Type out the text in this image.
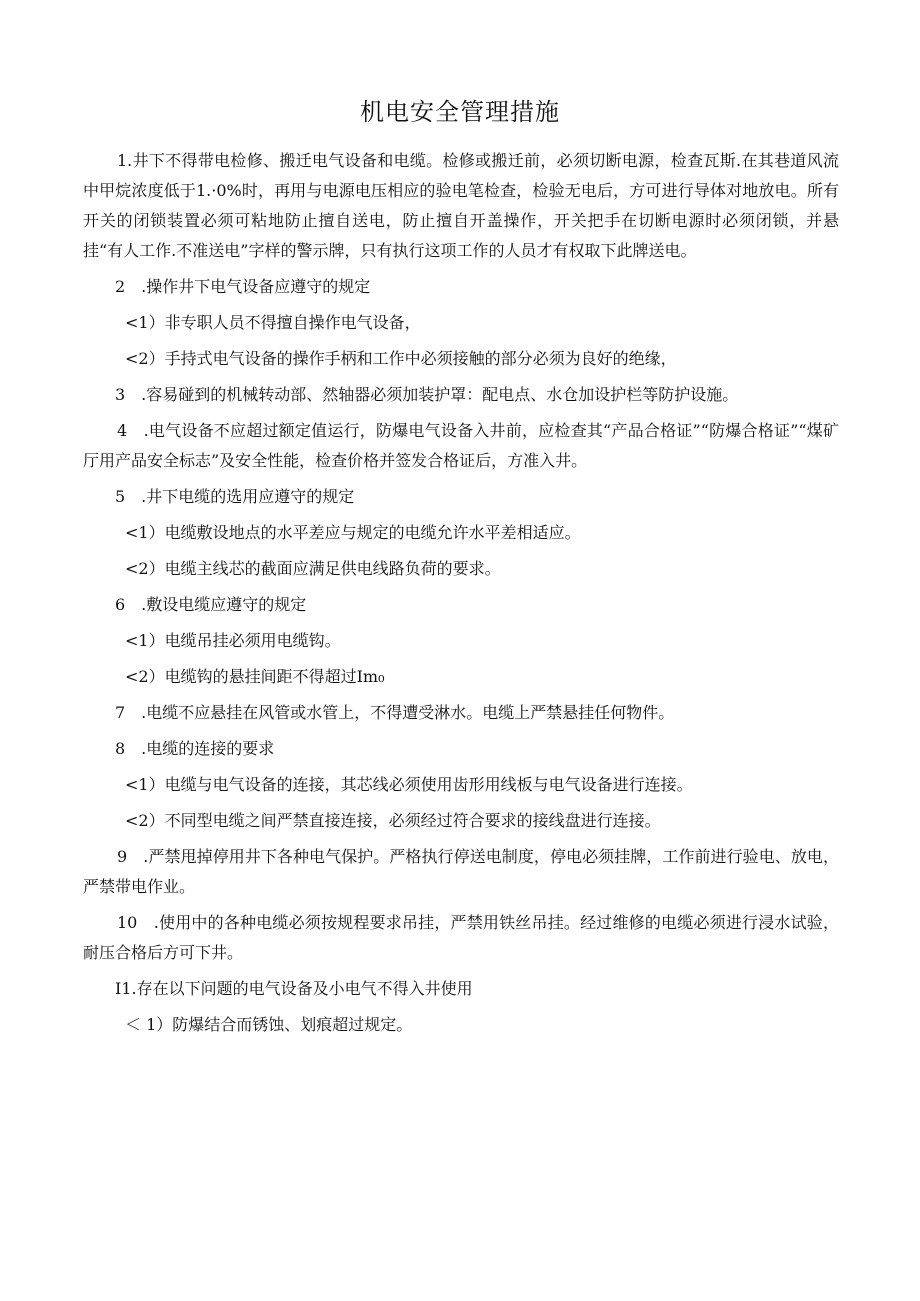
机电安全管理措施

1.井下不得带电检修、搬迁电气设备和电缆。检修或搬迁前，必须切断电源，检查瓦斯.在其巷道风流中甲烷浓度低于1.·0%时，再用与电源电压相应的验电笔检查，检验无电后，方可进行导体对地放电。所有开关的闭锁装置必须可粘地防止擅自送电，防止擅自开盖操作，开关把手在切断电源时必须闭锁，并悬挂“有人工作.不准送电”字样的警示牌，只有执行这项工作的人员才有权取下此牌送电。

2　.操作井下电气设备应遵守的规定

<1）非专职人员不得擅自操作电气设备，

<2）手持式电气设备的操作手柄和工作中必须接触的部分必须为良好的绝缘，

3　.容易碰到的机械转动部、然轴器必须加装护罩：配电点、水仓加设护栏等防护设施。

4　.电气设备不应超过额定值运行，防爆电气设备入井前，应检查其“产品合格证”“防爆合格证”“煤矿厅用产品安全标志”及安全性能，检查价格并签发合格证后，方准入井。

5　.井下电缆的选用应遵守的规定

<1）电缆敷设地点的水平差应与规定的电缆允许水平差相适应。

<2）电缆主线芯的截面应满足供电线路负荷的要求。

6　.敷设电缆应遵守的规定

<1）电缆吊挂必须用电缆钩。

<2）电缆钩的悬挂间距不得超过Im₀

7　.电缆不应悬挂在风管或水管上，不得遭受淋水。电缆上严禁悬挂任何物件。

8　.电缆的连接的要求

<1）电缆与电气设备的连接，其芯线必须使用齿形用线板与电气设备进行连接。

<2）不同型电缆之间严禁直接连接，必须经过符合要求的接线盘进行连接。

9　.严禁甩掉停用井下各种电气保护。严格执行停送电制度，停电必须挂牌，工作前进行验电、放电，严禁带电作业。

10　.使用中的各种电缆必须按规程要求吊挂，严禁用铁丝吊挂。经过维修的电缆必须进行浸水试验，耐压合格后方可下井。

I1.存在以下问题的电气设备及小电气不得入井使用

＜ 1）防爆结合而锈蚀、划痕超过规定。
